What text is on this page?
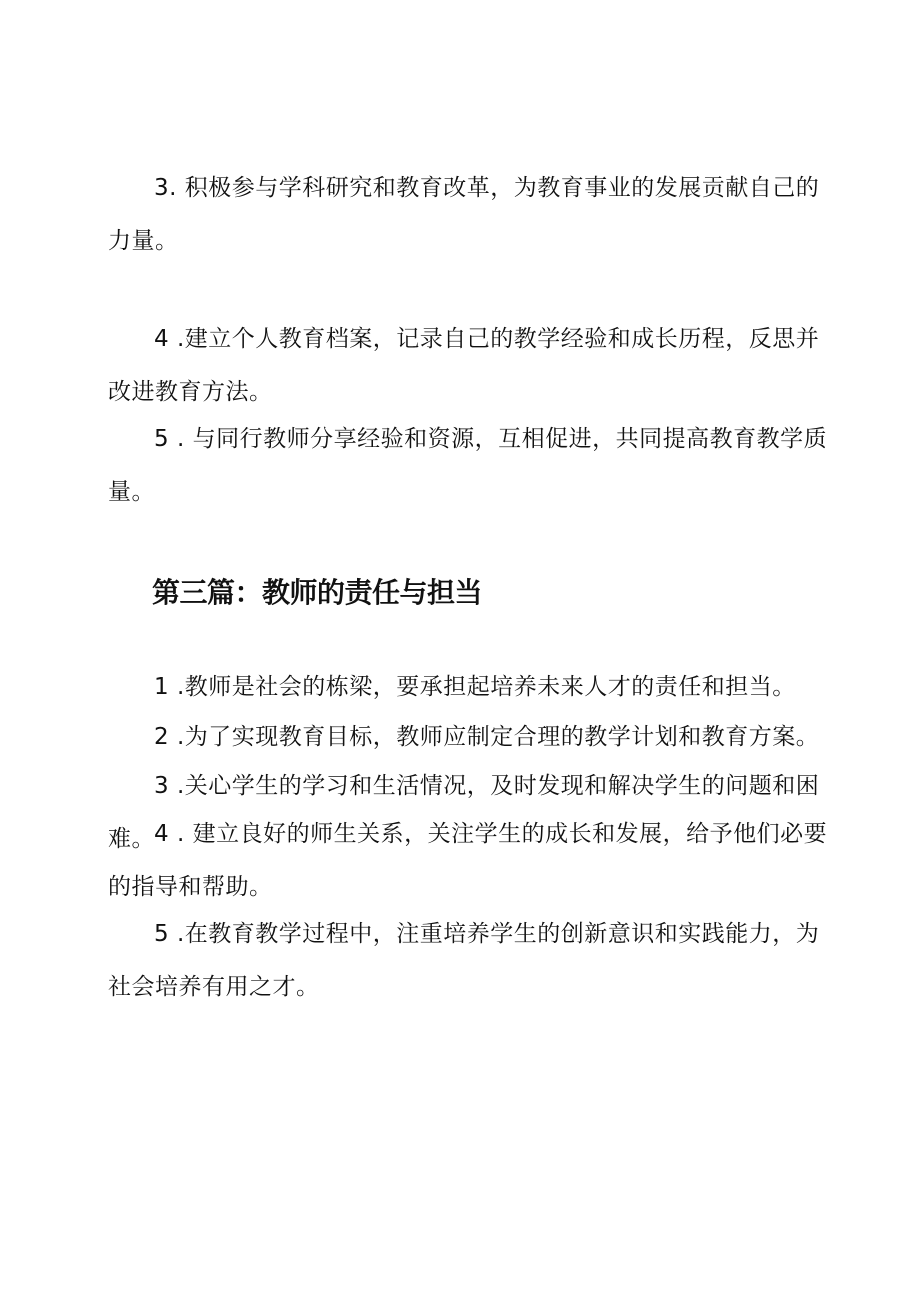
3. 积极参与学科研究和教育改革，为教育事业的发展贡献自己的力量。

4 .建立个人教育档案，记录自己的教学经验和成长历程，反思并改进教育方法。

5 . 与同行教师分享经验和资源，互相促进，共同提高教育教学质量。

第三篇：教师的责任与担当

1 .教师是社会的栋梁，要承担起培养未来人才的责任和担当。

2 .为了实现教育目标，教师应制定合理的教学计划和教育方案。

3 .关心学生的学习和生活情况，及时发现和解决学生的问题和困难。 4 . 建立良好的师生关系，关注学生的成长和发展，给予他们必要的指导和帮助。

5 .在教育教学过程中，注重培养学生的创新意识和实践能力，为社会培养有用之才。
